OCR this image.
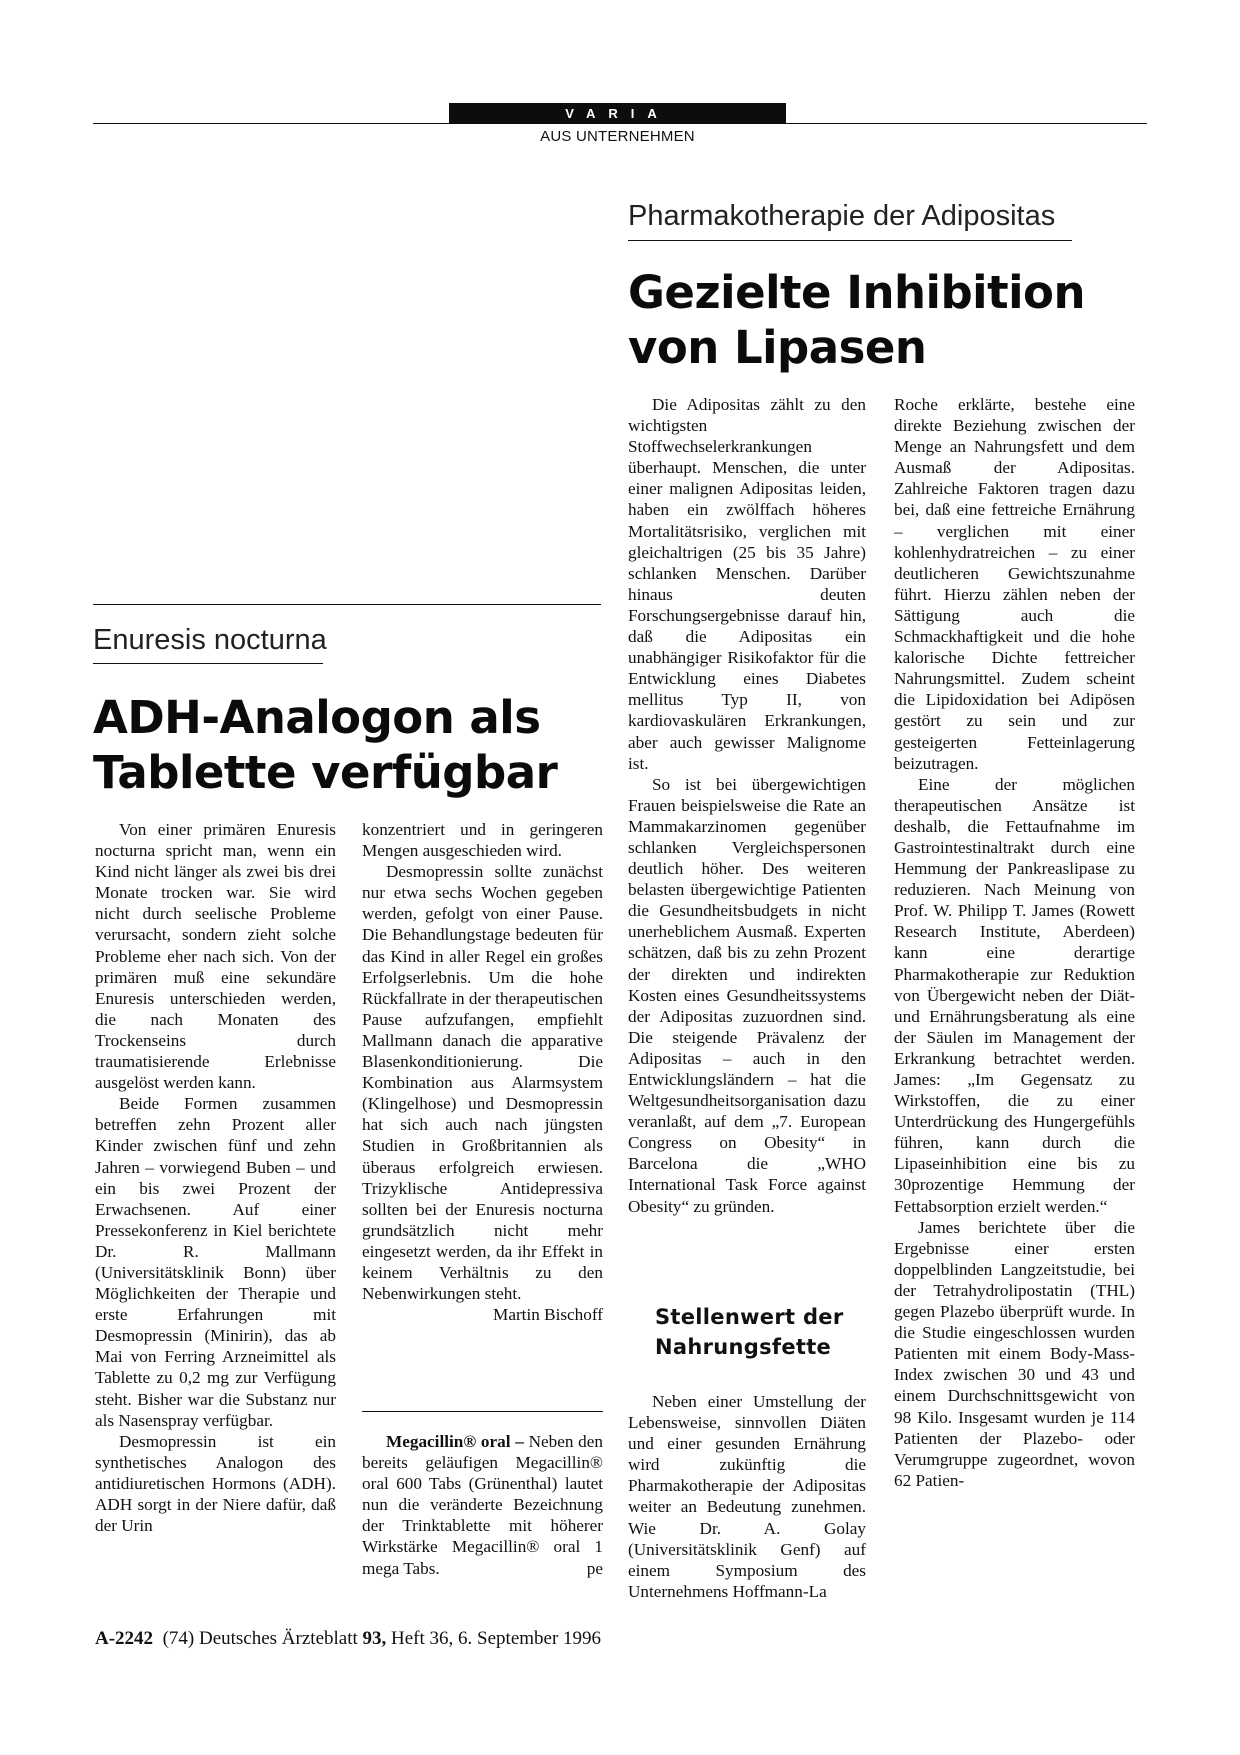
VARIA
AUS UNTERNEHMEN
Pharmakotherapie der Adipositas
Gezielte Inhibition
von Lipasen

Die Adipositas zählt zu den wichtigsten Stoffwechselerkrankungen überhaupt. Menschen, die unter einer malignen Adipositas leiden, haben ein zwölffach höheres Mortalitätsrisiko, verglichen mit gleichaltrigen (25 bis 35 Jahre) schlanken Menschen. Darüber hinaus deuten Forschungsergebnisse darauf hin, daß die Adipositas ein unabhängiger Risikofaktor für die Entwicklung eines Diabetes mellitus Typ II, von kardiovaskulären Erkrankungen, aber auch gewisser Malignome ist.

So ist bei übergewichtigen Frauen beispielsweise die Rate an Mammakarzinomen gegenüber schlanken Vergleichspersonen deutlich höher. Des weiteren belasten übergewichtige Patienten die Gesundheitsbudgets in nicht unerheblichem Ausmaß. Experten schätzen, daß bis zu zehn Prozent der direkten und indirekten Kosten eines Gesundheitssystems der Adipositas zuzuordnen sind. Die steigende Prävalenz der Adipositas – auch in den Entwicklungsländern – hat die Weltgesundheitsorganisation dazu veranlaßt, auf dem „7. European Congress on Obesity“ in Barcelona die „WHO International Task Force against Obesity“ zu gründen.

Stellenwert der
Nahrungsfette

Neben einer Umstellung der Lebensweise, sinnvollen Diäten und einer gesunden Ernährung wird zukünftig die Pharmakotherapie der Adipositas weiter an Bedeutung zunehmen. Wie Dr. A. Golay (Universitätsklinik Genf) auf einem Symposium des Unternehmens Hoffmann-La

Roche erklärte, bestehe eine direkte Beziehung zwischen der Menge an Nahrungsfett und dem Ausmaß der Adipositas. Zahlreiche Faktoren tragen dazu bei, daß eine fettreiche Ernährung – verglichen mit einer kohlenhydratreichen – zu einer deutlicheren Gewichtszunahme führt. Hierzu zählen neben der Sättigung auch die Schmackhaftigkeit und die hohe kalorische Dichte fettreicher Nahrungsmittel. Zudem scheint die Lipidoxidation bei Adipösen gestört zu sein und zur gesteigerten Fetteinlagerung beizutragen.

Eine der möglichen therapeutischen Ansätze ist deshalb, die Fettaufnahme im Gastrointestinaltrakt durch eine Hemmung der Pankreaslipase zu reduzieren. Nach Meinung von Prof. W. Philipp T. James (Rowett Research Institute, Aberdeen) kann eine derartige Pharmakotherapie zur Reduktion von Übergewicht neben der Diät- und Ernährungsberatung als eine der Säulen im Management der Erkrankung betrachtet werden. James: „Im Gegensatz zu Wirkstoffen, die zu einer Unterdrückung des Hungergefühls führen, kann durch die Lipaseinhibition eine bis zu 30prozentige Hemmung der Fettabsorption erzielt werden.“

James berichtete über die Ergebnisse einer ersten doppelblinden Langzeitstudie, bei der Tetrahydrolipostatin (THL) gegen Plazebo überprüft wurde. In die Studie eingeschlossen wurden Patienten mit einem Body-Mass-Index zwischen 30 und 43 und einem Durchschnittsgewicht von 98 Kilo. Insgesamt wurden je 114 Patienten der Plazebo- oder Verumgruppe zugeordnet, wovon 62 Patien-

Enuresis nocturna
ADH-Analogon als
Tablette verfügbar

Von einer primären Enuresis nocturna spricht man, wenn ein Kind nicht länger als zwei bis drei Monate trocken war. Sie wird nicht durch seelische Probleme verursacht, sondern zieht solche Probleme eher nach sich. Von der primären muß eine sekundäre Enuresis unterschieden werden, die nach Monaten des Trockenseins durch traumatisierende Erlebnisse ausgelöst werden kann.

Beide Formen zusammen betreffen zehn Prozent aller Kinder zwischen fünf und zehn Jahren – vorwiegend Buben – und ein bis zwei Prozent der Erwachsenen. Auf einer Pressekonferenz in Kiel berichtete Dr. R. Mallmann (Universitätsklinik Bonn) über Möglichkeiten der Therapie und erste Erfahrungen mit Desmopressin (Minirin), das ab Mai von Ferring Arzneimittel als Tablette zu 0,2 mg zur Verfügung steht. Bisher war die Substanz nur als Nasenspray verfügbar.

Desmopressin ist ein synthetisches Analogon des antidiuretischen Hormons (ADH). ADH sorgt in der Niere dafür, daß der Urin

konzentriert und in geringeren Mengen ausgeschieden wird.

Desmopressin sollte zunächst nur etwa sechs Wochen gegeben werden, gefolgt von einer Pause. Die Behandlungstage bedeuten für das Kind in aller Regel ein großes Erfolgserlebnis. Um die hohe Rückfallrate in der therapeutischen Pause aufzufangen, empfiehlt Mallmann danach die apparative Blasenkonditionierung. Die Kombination aus Alarmsystem (Klingelhose) und Desmopressin hat sich auch nach jüngsten Studien in Großbritannien als überaus erfolgreich erwiesen. Trizyklische Antidepressiva sollten bei der Enuresis nocturna grundsätzlich nicht mehr eingesetzt werden, da ihr Effekt in keinem Verhältnis zu den Nebenwirkungen steht.

Martin Bischoff

Megacillin® oral – Neben den bereits geläufigen Megacillin® oral 600 Tabs (Grünenthal) lautet nun die veränderte Bezeichnung der Trinktablette mit höherer Wirkstärke Megacillin® oral 1 mega Tabs.	pe
A-2242 (74) Deutsches Ärzteblatt 93, Heft 36, 6. September 1996
